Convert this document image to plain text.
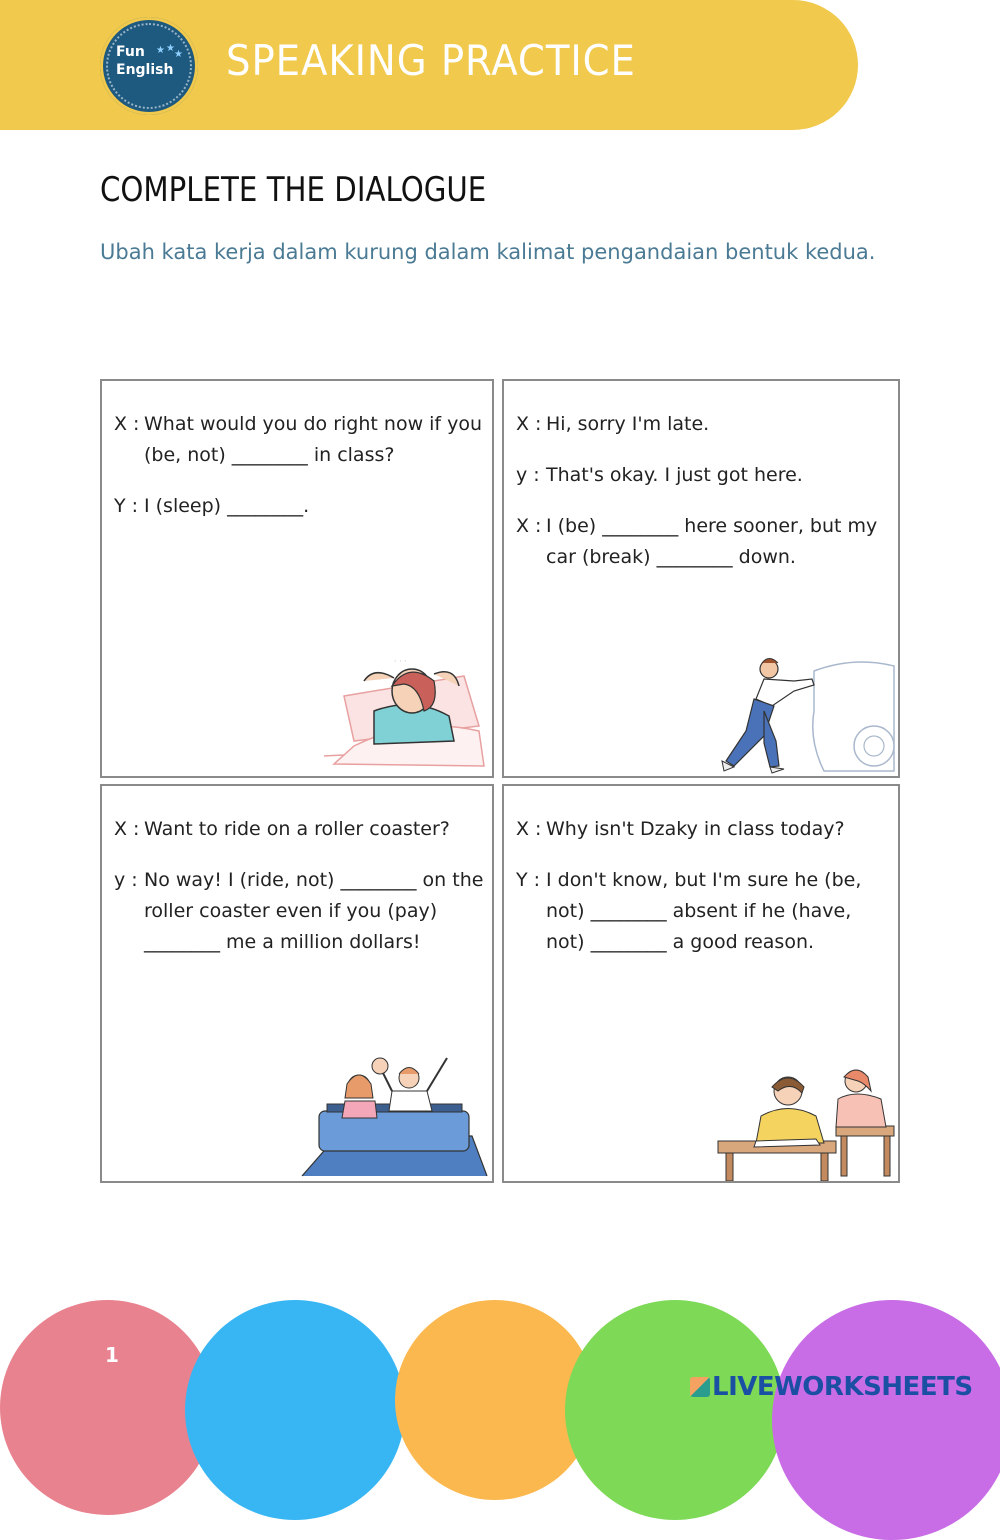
Fun
English
★ ★
★ SPEAKING PRACTICE
COMPLETE THE DIALOGUE
Ubah kata kerja dalam kurung dalam kalimat pengandaian bentuk kedua.
X : What would you do right now if you (be, not) ________ in class?
Y : I (sleep) ________.
· · ·
X : Hi, sorry I'm late.
y : That's okay. I just got here.
X : I (be) ________ here sooner, but my car (break) ________ down.
X : Want to ride on a roller coaster?
y : No way! I (ride, not) ________ on the roller coaster even if you (pay) ________ me a million dollars!
X : Why isn't Dzaky in class today?
Y : I don't know, but I'm sure he (be, not) ________ absent if he (have, not) ________ a good reason.
1
LIVEWORKSHEETS
